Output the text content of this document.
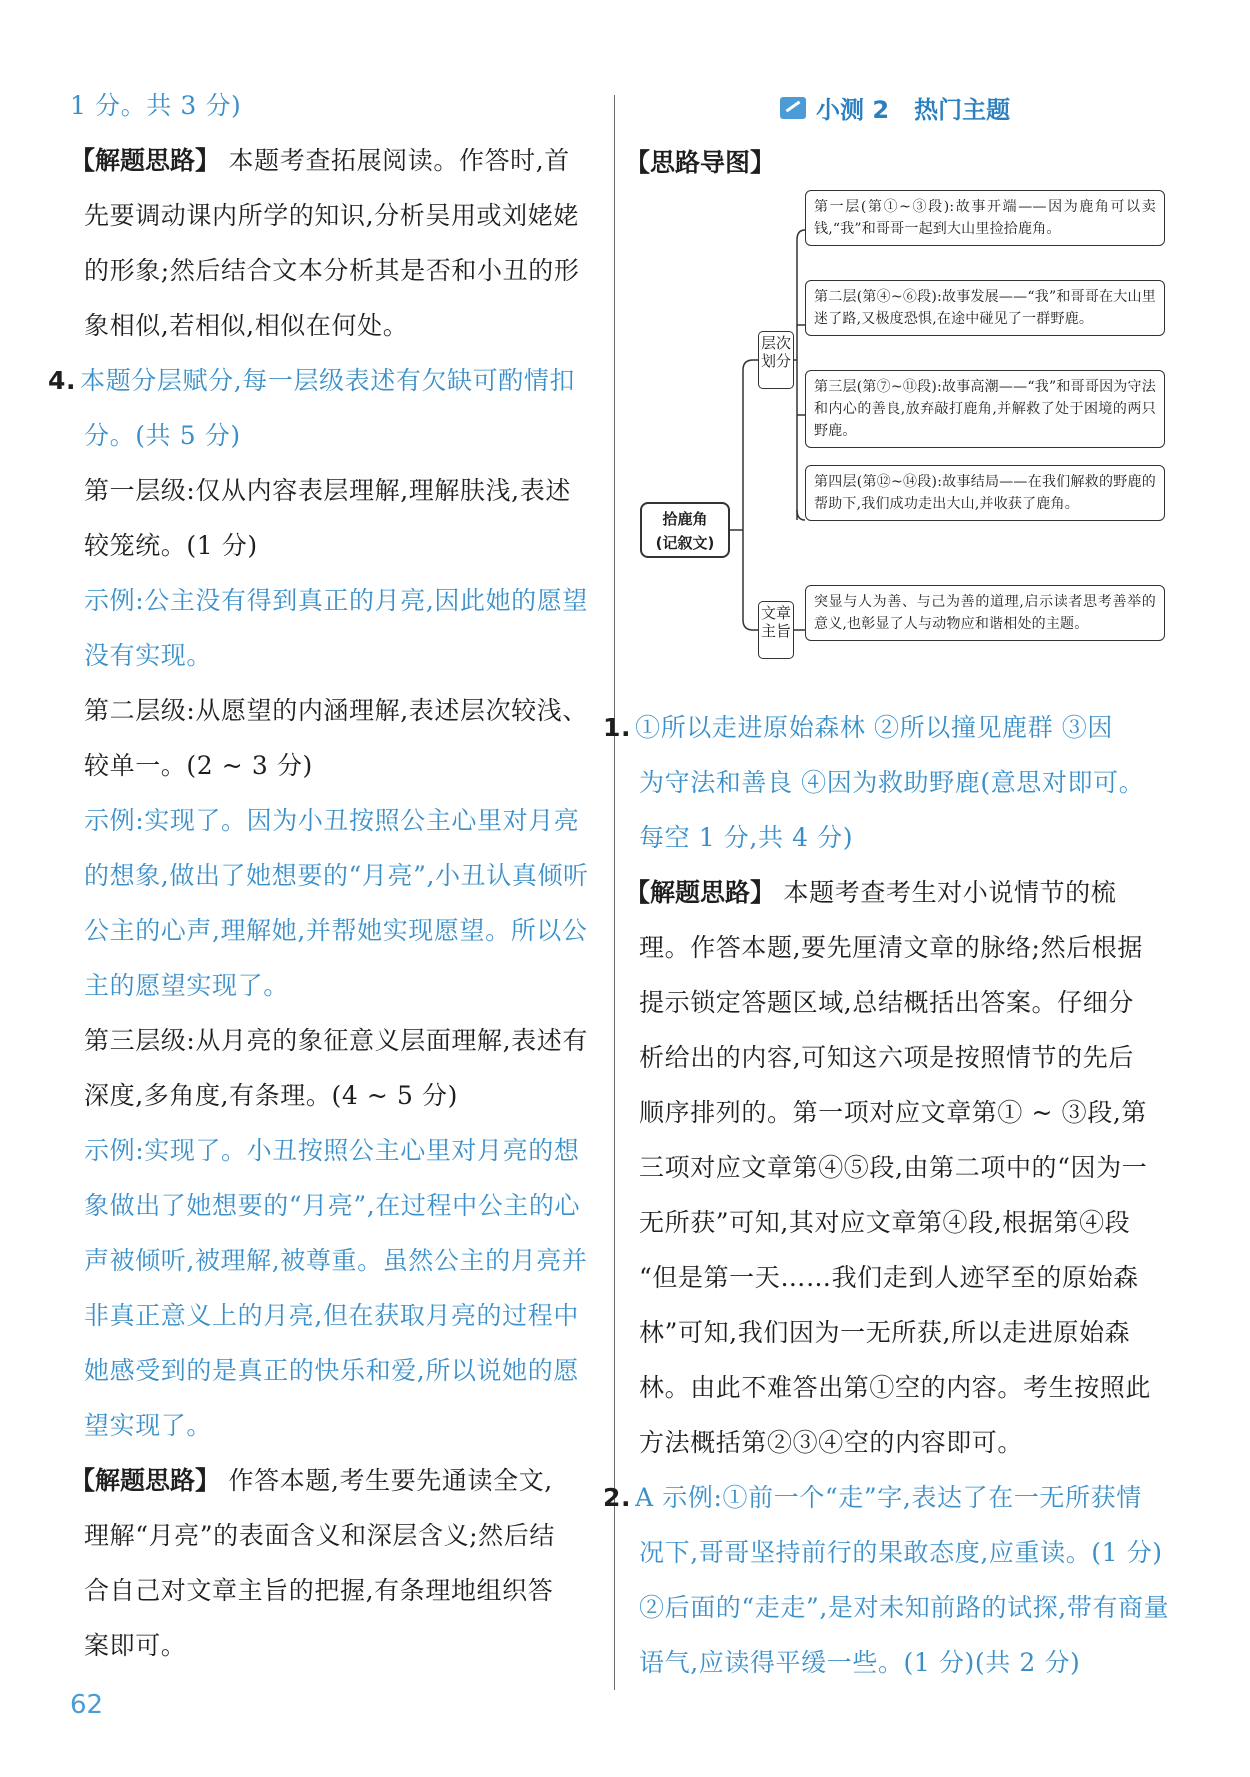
1 分。共 3 分)

【解题思路】 本题考查拓展阅读。作答时,首

先要调动课内所学的知识,分析吴用或刘姥姥

的形象;然后结合文本分析其是否和小丑的形

象相似,若相似,相似在何处。

4. 本题分层赋分,每一层级表述有欠缺可酌情扣

分。(共 5 分)

第一层级:仅从内容表层理解,理解肤浅,表述

较笼统。(1 分)

示例:公主没有得到真正的月亮,因此她的愿望

没有实现。

第二层级:从愿望的内涵理解,表述层次较浅、

较单一。(2 ~ 3 分)

示例:实现了。因为小丑按照公主心里对月亮

的想象,做出了她想要的“月亮”,小丑认真倾听

公主的心声,理解她,并帮她实现愿望。所以公

主的愿望实现了。

第三层级:从月亮的象征意义层面理解,表述有

深度,多角度,有条理。(4 ~ 5 分)

示例:实现了。小丑按照公主心里对月亮的想

象做出了她想要的“月亮”,在过程中公主的心

声被倾听,被理解,被尊重。虽然公主的月亮并

非真正意义上的月亮,但在获取月亮的过程中

她感受到的是真正的快乐和爱,所以说她的愿

望实现了。

【解题思路】 作答本题,考生要先通读全文,

理解“月亮”的表面含义和深层含义;然后结

合自己对文章主旨的把握,有条理地组织答

案即可。

小测 2   热门主题

【思路导图】

拾鹿角
(记叙文)
层次
划分
文章
主旨
第一层(第①~③段):故事开端——因为鹿角可以卖钱,“我”和哥哥一起到大山里捡拾鹿角。
第二层(第④~⑥段):故事发展——“我”和哥哥在大山里迷了路,又极度恐惧,在途中碰见了一群野鹿。
第三层(第⑦~⑪段):故事高潮——“我”和哥哥因为守法和内心的善良,放弃敲打鹿角,并解救了处于困境的两只野鹿。
第四层(第⑫~⑭段):故事结局——在我们解救的野鹿的帮助下,我们成功走出大山,并收获了鹿角。
突显与人为善、与己为善的道理,启示读者思考善举的意义,也彰显了人与动物应和谐相处的主题。

1. ①所以走进原始森林 ②所以撞见鹿群 ③因

为守法和善良 ④因为救助野鹿(意思对即可。

每空 1 分,共 4 分)

【解题思路】 本题考查考生对小说情节的梳

理。作答本题,要先厘清文章的脉络;然后根据

提示锁定答题区域,总结概括出答案。仔细分

析给出的内容,可知这六项是按照情节的先后

顺序排列的。第一项对应文章第① ~ ③段,第

三项对应文章第④⑤段,由第二项中的“因为一

无所获”可知,其对应文章第④段,根据第④段

“但是第一天……我们走到人迹罕至的原始森

林”可知,我们因为一无所获,所以走进原始森

林。由此不难答出第①空的内容。考生按照此

方法概括第②③④空的内容即可。

2. A 示例:①前一个“走”字,表达了在一无所获情

况下,哥哥坚持前行的果敢态度,应重读。(1 分)

②后面的“走走”,是对未知前路的试探,带有商量

语气,应读得平缓一些。(1 分)(共 2 分)

62
